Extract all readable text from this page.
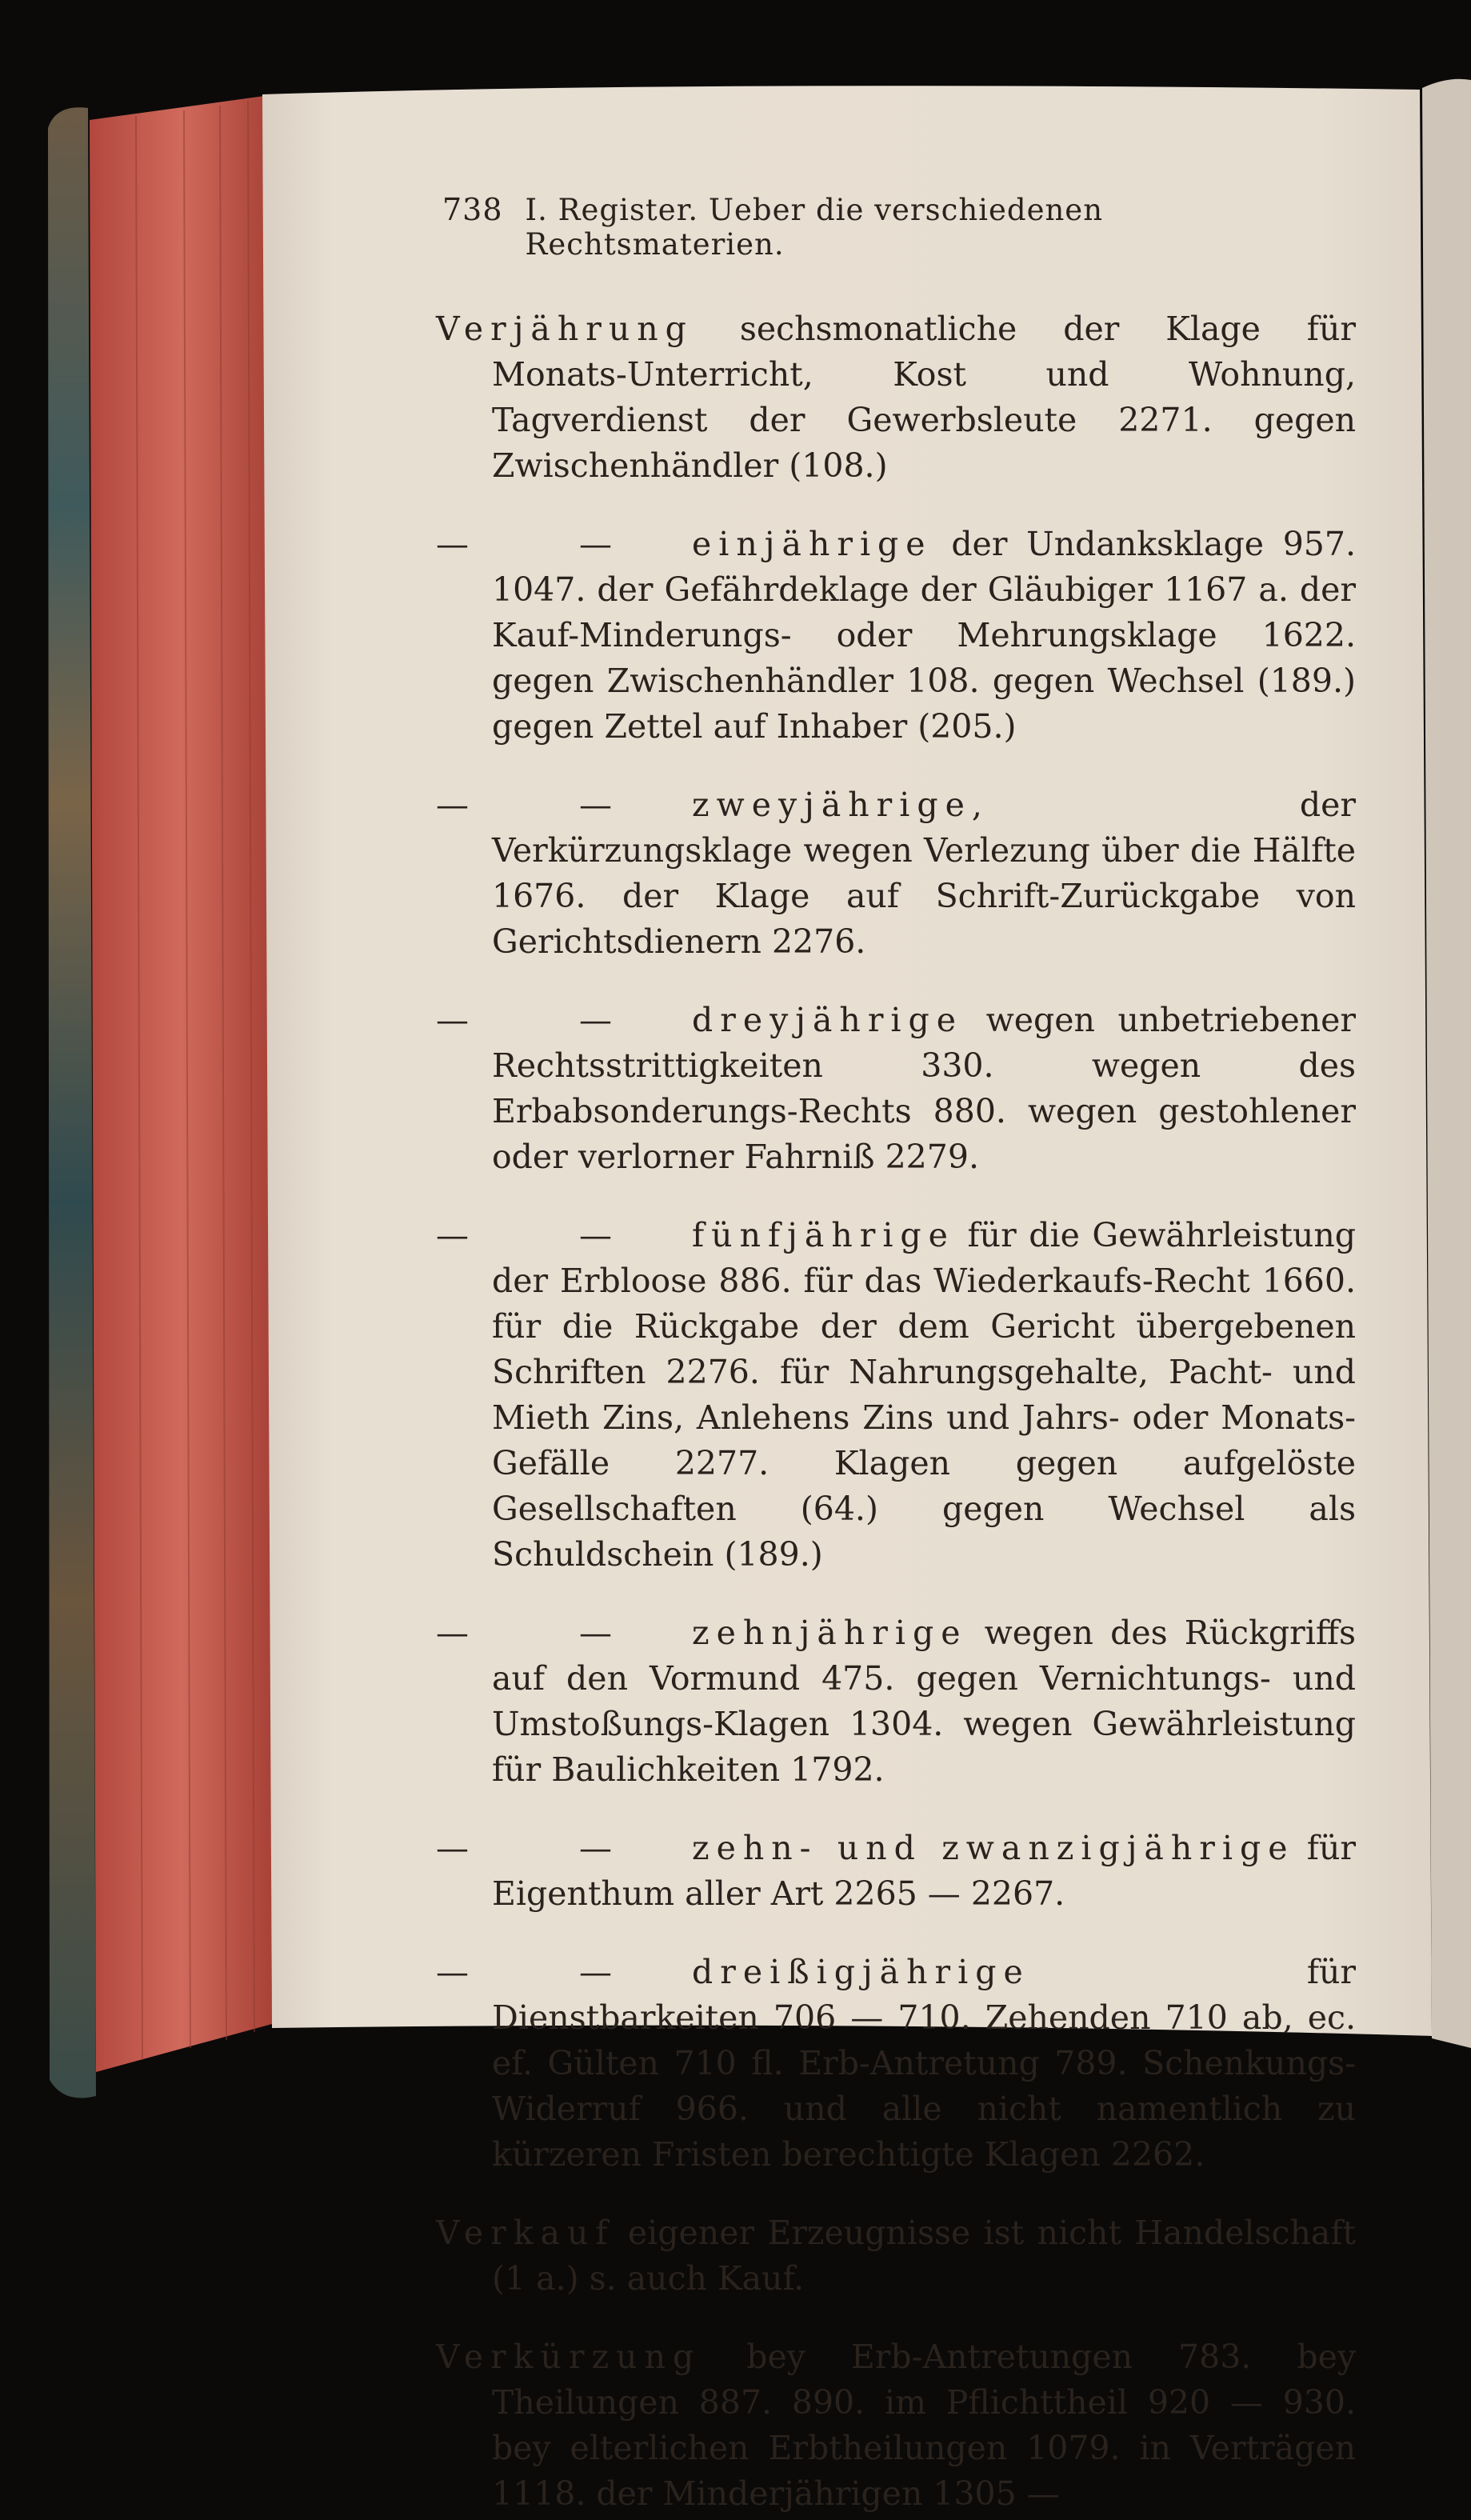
738 I. Register. Ueber die verschiedenen Rechtsmaterien.

Verjährung sechsmonatliche der Klage für Monats-Unterricht, Kost und Wohnung, Tagverdienst der Gewerbsleute 2271. gegen Zwischenhändler (108.)

—	—	einjährige der Undanksklage 957. 1047. der Gefährdeklage der Gläubiger 1167 a. der Kauf-Minderungs- oder Mehrungsklage 1622. gegen Zwischenhändler 108. gegen Wechsel (189.) gegen Zettel auf Inhaber (205.)

—	—	zweyjährige,	der Verkürzungsklage wegen Verlezung über die Hälfte 1676. der Klage auf Schrift-Zurückgabe von Gerichtsdienern 2276.

—	—	dreyjährige wegen unbetriebener Rechtsstrittigkeiten 330. wegen des Erbabsonderungs-Rechts 880. wegen gestohlener oder verlorner Fahrniß 2279.

—	—	fünfjährige für die Gewährleistung der Erbloose 886. für das Wiederkaufs-Recht 1660. für die Rückgabe der dem Gericht übergebenen Schriften 2276. für Nahrungsgehalte, Pacht- und Mieth Zins, Anlehens Zins und Jahrs- oder Monats-Gefälle 2277. Klagen gegen aufgelöste Gesellschaften (64.) gegen Wechsel als Schuldschein (189.)

—	—	zehnjährige wegen des Rückgriffs auf den Vormund 475. gegen Vernichtungs- und Umstoßungs-Klagen 1304. wegen Gewährleistung für Baulichkeiten 1792.

—	—	zehn- und zwanzigjährige für Eigenthum aller Art 2265 — 2267.

—	—	dreißigjährige	für Dienstbarkeiten 706 — 710. Zehenden 710 ab, ec. ef. Gülten 710 fl. Erb-Antretung 789. Schenkungs-Widerruf 966. und alle nicht namentlich zu kürzeren Fristen berechtigte Klagen 2262.

Verkauf eigener Erzeugnisse ist nicht Handelschaft (1 a.) s. auch Kauf.

Verkürzung bey Erb-Antretungen 783. bey Theilungen 887. 890. im Pflichttheil 920 — 930. bey elterlichen Erbtheilungen 1079. in Verträgen 1118. der Minderjährigen 1305 —
